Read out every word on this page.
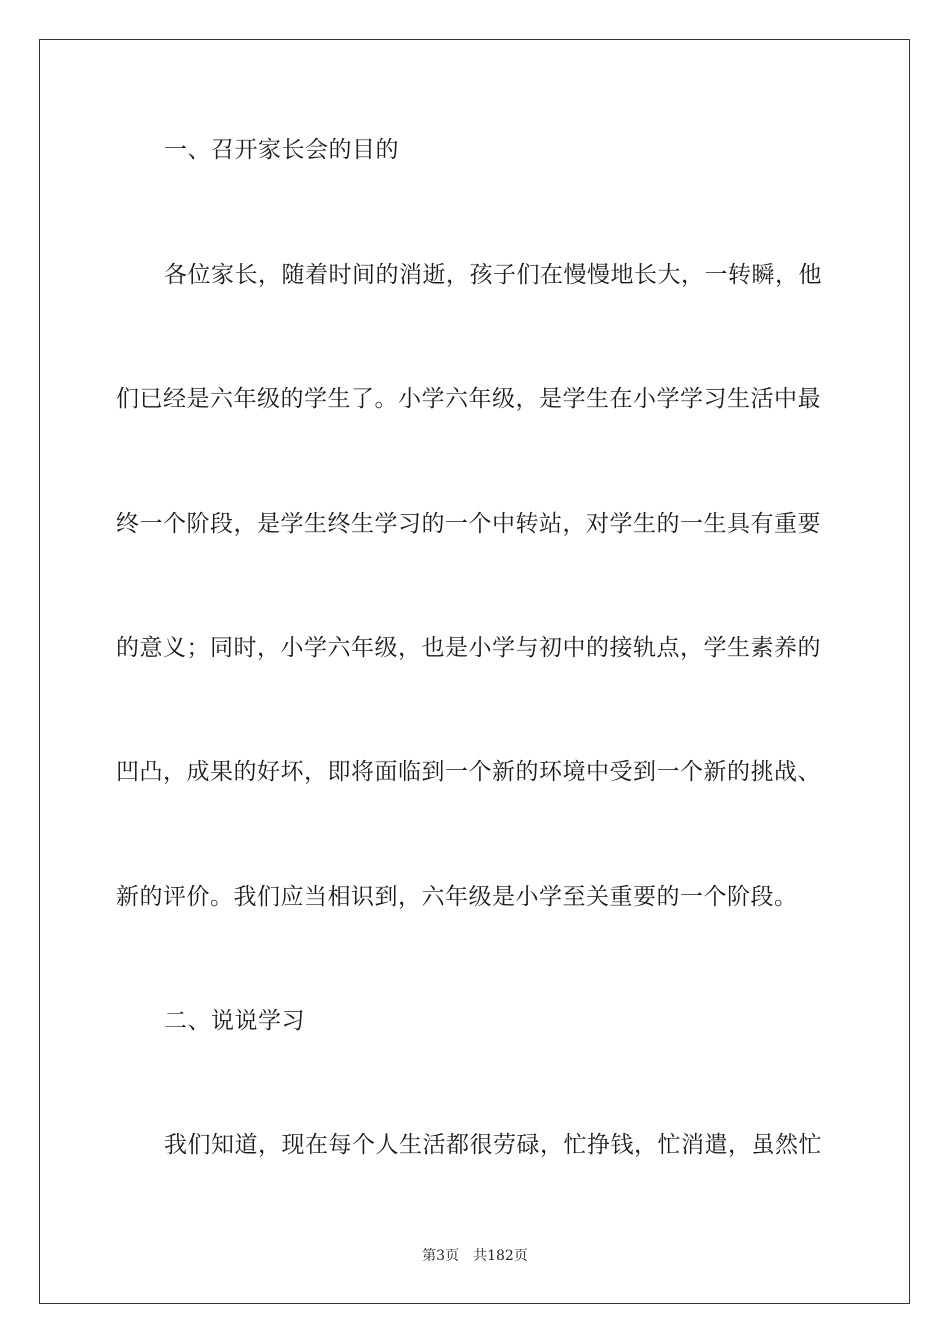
一、召开家长会的目的
各位家长，随着时间的消逝，孩子们在慢慢地长大，一转瞬，他
们已经是六年级的学生了。小学六年级，是学生在小学学习生活中最
终一个阶段，是学生终生学习的一个中转站，对学生的一生具有重要
的意义；同时，小学六年级，也是小学与初中的接轨点，学生素养的
凹凸，成果的好坏，即将面临到一个新的环境中受到一个新的挑战、
新的评价。我们应当相识到，六年级是小学至关重要的一个阶段。
二、说说学习
我们知道，现在每个人生活都很劳碌，忙挣钱，忙消遣，虽然忙
第3页 共182页
